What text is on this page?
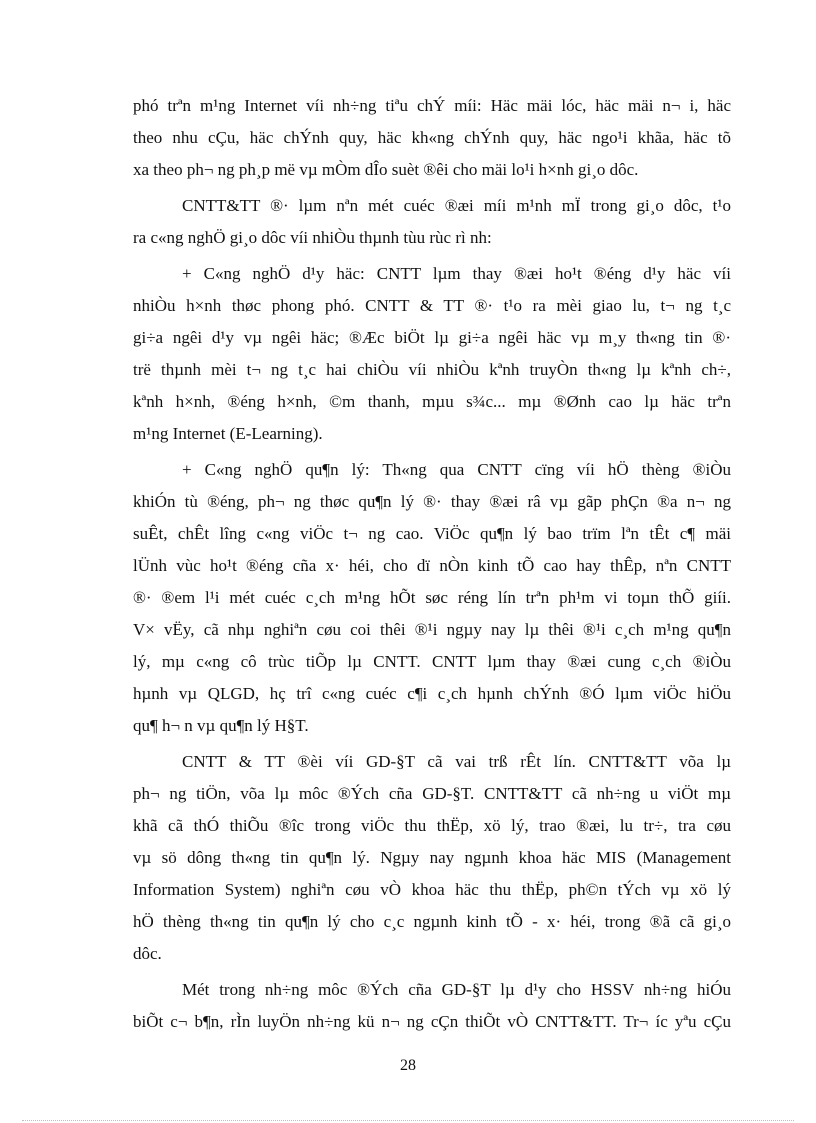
phó trªn m¹ng Internet víi nh÷ng tiªu chÝ míi: Häc mäi lóc, häc mäi n¬ i, häc
theo nhu cÇu, häc chÝnh quy, häc kh«ng chÝnh quy, häc ngo¹i khãa, häc tõ
xa theo ph¬ ng ph¸p më vµ mÒm dÎo suèt ®êi cho mäi lo¹i h×nh gi¸o dôc.
CNTT&TT ®· lµm nªn mét cuéc ®æi míi m¹nh mÏ trong gi¸o dôc, t¹o
ra c«ng nghÖ gi¸o dôc víi nhiÒu thµnh tùu rùc rì nh:
+ C«ng nghÖ d¹y häc: CNTT lµm thay ®æi ho¹t ®éng d¹y häc víi
nhiÒu h×nh thøc phong phó. CNTT & TT ®· t¹o ra mèi giao lu, t¬ ng t¸c
gi÷a ngêi d¹y vµ ngêi häc; ®Æc biÖt lµ gi÷a ngêi häc vµ m¸y th«ng tin ®·
trë thµnh mèi t¬ ng t¸c hai chiÒu víi nhiÒu kªnh truyÒn th«ng lµ kªnh ch÷,
kªnh h×nh, ®éng h×nh, ©m thanh, mµu s¾c... mµ ®Ønh cao lµ häc trªn
m¹ng Internet (E-Learning).
+ C«ng nghÖ qu¶n lý: Th«ng qua CNTT cïng víi hÖ thèng ®iÒu
khiÓn tù ®éng, ph¬ ng thøc qu¶n lý ®· thay ®æi râ vµ gãp phÇn ®a n¬ ng
suÊt, chÊt lîng c«ng viÖc t¬ ng cao. ViÖc qu¶n lý bao trïm lªn tÊt c¶ mäi
lÜnh vùc ho¹t ®éng cña x· héi, cho dï nÒn kinh tÕ cao hay thÊp, nªn CNTT
®· ®em l¹i mét cuéc c¸ch m¹ng hÕt søc réng lín trªn ph¹m vi toµn thÕ giíi.
V× vËy, cã nhµ nghiªn cøu coi thêi ®¹i ngµy nay lµ thêi ®¹i c¸ch m¹ng qu¶n
lý, mµ c«ng cô trùc tiÕp lµ CNTT. CNTT lµm thay ®æi cung c¸ch ®iÒu
hµnh vµ QLGD, hç trî c«ng cuéc c¶i c¸ch hµnh chÝnh ®Ó lµm viÖc hiÖu
qu¶ h¬ n vµ qu¶n lý H§T.
CNTT & TT ®èi víi GD-§T cã vai trß rÊt lín. CNTT&TT võa lµ
ph¬ ng tiÖn, võa lµ môc ®Ých cña GD-§T. CNTT&TT cã nh÷ng u viÖt mµ
khã cã thÓ thiÕu ®îc trong viÖc thu thËp, xö lý, trao ®æi, lu tr÷, tra cøu
vµ sö dông th«ng tin qu¶n lý. Ngµy nay ngµnh khoa häc MIS (Management
Information System) nghiªn cøu vÒ khoa häc thu thËp, ph©n tÝch vµ xö lý
hÖ thèng th«ng tin qu¶n lý cho c¸c ngµnh kinh tÕ - x· héi, trong ®ã cã gi¸o
dôc.
Mét trong nh÷ng môc ®Ých cña GD-§T lµ d¹y cho HSSV nh÷ng hiÓu
biÕt c¬ b¶n, rÌn luyÖn nh÷ng kü n¬ ng cÇn thiÕt vÒ CNTT&TT. Tr¬ íc yªu cÇu
28
